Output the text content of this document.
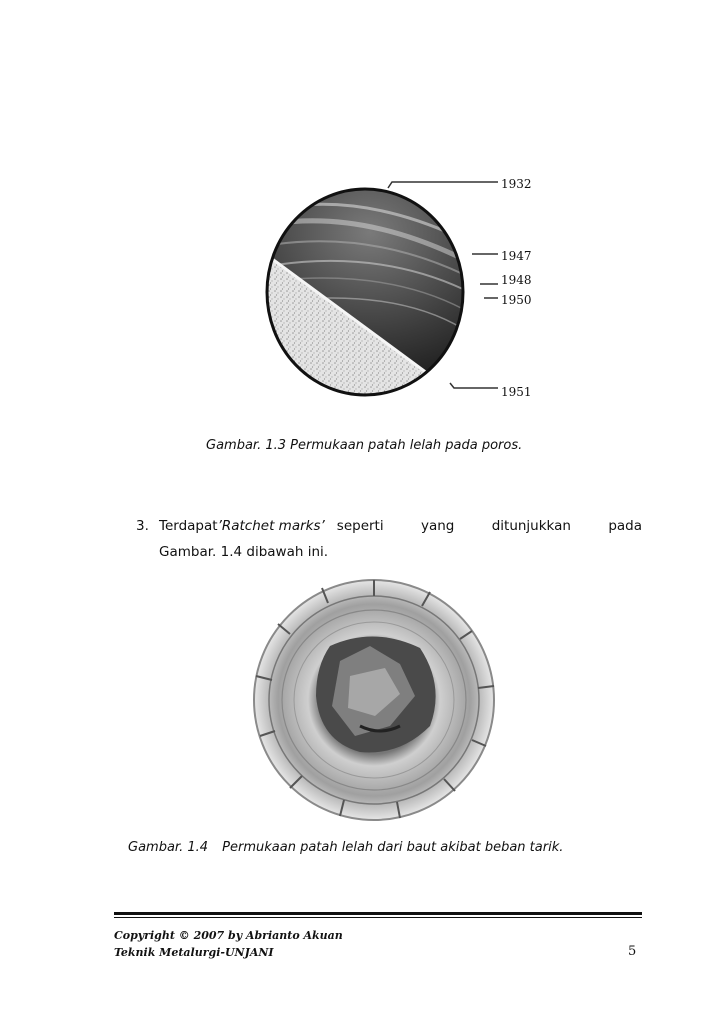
1932
1947
1948
1950
1951
Gambar. 1.3 Permukaan patah lelah pada poros.
3. Terdapat ’Ratchet marks’ seperti yang ditunjukkan pada
Gambar. 1.4 dibawah ini.
Gambar. 1.4 Permukaan patah lelah dari baut akibat beban tarik.
Copyright © 2007 by Abrianto Akuan
Teknik Metalurgi-UNJANI	5
